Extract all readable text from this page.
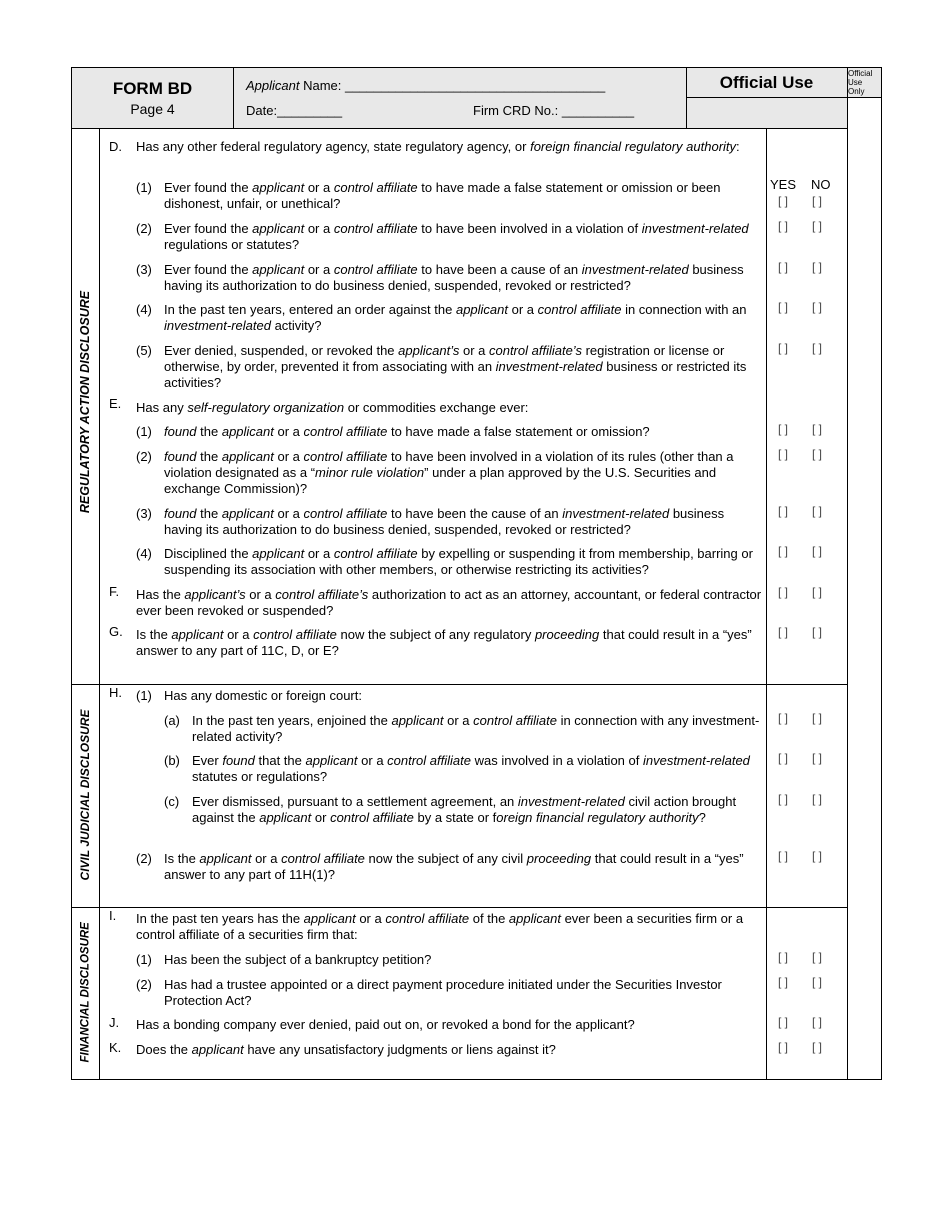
FORM BD
Page 4
Applicant Name: ____________________________________
Date:_________	Firm CRD No.: __________
Official Use	Official Use Only
REGULATORY ACTION DISCLOSURE
CIVIL JUDICIAL DISCLOSURE
FINANCIAL DISCLOSURE
YES NO
D. Has any other federal regulatory agency, state regulatory agency, or foreign financial regulatory authority:
(1) Ever found the applicant or a control affiliate to have made a false statement or omission or been dishonest, unfair, or unethical?	[ ] [ ]
(2) Ever found the applicant or a control affiliate to have been involved in a violation of investment-related regulations or statutes?
[ ] [ ]
(3) Ever found the applicant or a control affiliate to have been a cause of an investment-related business having its authorization to do business denied, suspended, revoked or restricted?
[ ] [ ]
(4) In the past ten years, entered an order against the applicant or a control affiliate in connection with an investment-related activity?
[ ] [ ]
(5) Ever denied, suspended, or revoked the applicant’s or a control affiliate’s registration or license or otherwise, by order, prevented it from associating with an investment-related business or restricted its activities?
[ ] [ ]
E. Has any self-regulatory organization or commodities exchange ever:
(1) found the applicant or a control affiliate to have made a false statement or omission?	[ ] [ ]
(2) found the applicant or a control affiliate to have been involved in a violation of its rules (other than a violation designated as a “minor rule violation” under a plan approved by the U.S. Securities and exchange Commission)?
[ ] [ ]
(3) found the applicant or a control affiliate to have been the cause of an investment-related business having its authorization to do business denied, suspended, revoked or restricted?
[ ] [ ]
(4) Disciplined the applicant or a control affiliate by expelling or suspending it from membership, barring or suspending its association with other members, or otherwise restricting its activities?
[ ] [ ]
F. Has the applicant’s or a control affiliate’s authorization to act as an attorney, accountant, or federal contractor ever been revoked or suspended?
[ ] [ ]
G. Is the applicant or a control affiliate now the subject of any regulatory proceeding that could result in a “yes” answer to any part of 11C, D, or E?
[ ] [ ]
H. (1) Has any domestic or foreign court:
(a) In the past ten years, enjoined the applicant or a control affiliate in connection with any investment-related activity?
[ ] [ ]
(b) Ever found that the applicant or a control affiliate was involved in a violation of investment-related statutes or regulations?
[ ] [ ]
(c) Ever dismissed, pursuant to a settlement agreement, an investment-related civil action brought against the applicant or control affiliate by a state or foreign financial regulatory authority?
[ ] [ ]
(2) Is the applicant or a control affiliate now the subject of any civil proceeding that could result in a “yes” answer to any part of 11H(1)?
[ ] [ ]
I. In the past ten years has the applicant or a control affiliate of the applicant ever been a securities firm or a control affiliate of a securities firm that:
(1) Has been the subject of a bankruptcy petition?	[ ] [ ]
(2) Has had a trustee appointed or a direct payment procedure initiated under the Securities Investor Protection Act?
[ ] [ ]
J. Has a bonding company ever denied, paid out on, or revoked a bond for the applicant?	[ ] [ ]
K. Does the applicant have any unsatisfactory judgments or liens against it?	[ ] [ ]
